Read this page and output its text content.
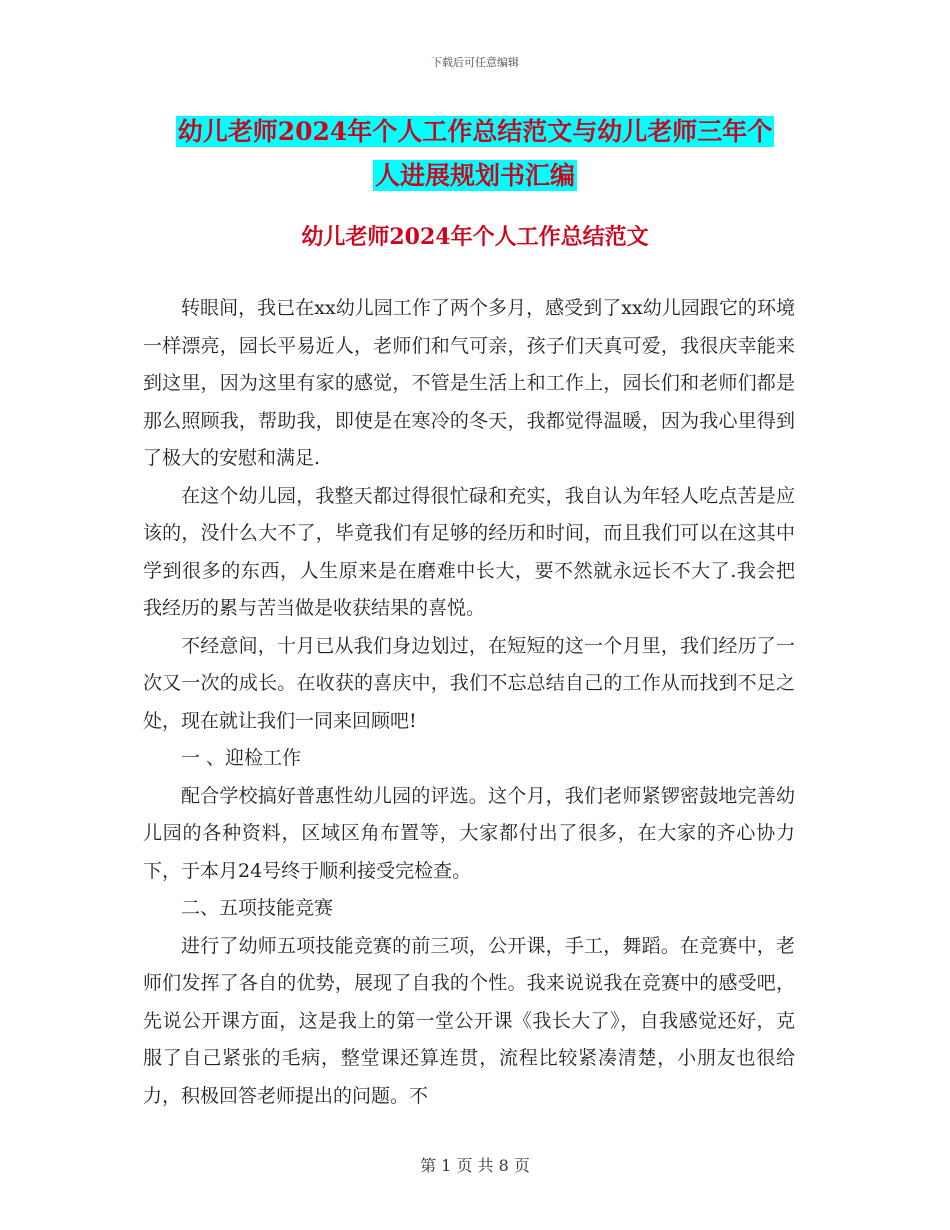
下载后可任意编辑
幼儿老师2024年个人工作总结范文与幼儿老师三年个
人进展规划书汇编
幼儿老师2024年个人工作总结范文

转眼间，我已在xx幼儿园工作了两个多月，感受到了xx幼儿园跟它的环境一样漂亮，园长平易近人，老师们和气可亲，孩子们天真可爱，我很庆幸能来到这里，因为这里有家的感觉，不管是生活上和工作上，园长们和老师们都是那么照顾我，帮助我，即使是在寒冷的冬天，我都觉得温暖，因为我心里得到了极大的安慰和满足.

在这个幼儿园，我整天都过得很忙碌和充实，我自认为年轻人吃点苦是应该的，没什么大不了，毕竟我们有足够的经历和时间，而且我们可以在这其中学到很多的东西，人生原来是在磨难中长大，要不然就永远长不大了.我会把我经历的累与苦当做是收获结果的喜悦。

不经意间，十月已从我们身边划过，在短短的这一个月里，我们经历了一次又一次的成长。在收获的喜庆中，我们不忘总结自己的工作从而找到不足之处，现在就让我们一同来回顾吧!

一 、迎检工作

配合学校搞好普惠性幼儿园的评选。这个月，我们老师紧锣密鼓地完善幼儿园的各种资料，区域区角布置等，大家都付出了很多，在大家的齐心协力下，于本月24号终于顺利接受完检查。

二、五项技能竞赛

进行了幼师五项技能竞赛的前三项，公开课，手工，舞蹈。在竞赛中，老师们发挥了各自的优势，展现了自我的个性。我来说说我在竞赛中的感受吧，先说公开课方面，这是我上的第一堂公开课《我长大了》，自我感觉还好，克服了自己紧张的毛病，整堂课还算连贯，流程比较紧凑清楚，小朋友也很给力，积极回答老师提出的问题。不

第 1 页 共 8 页
